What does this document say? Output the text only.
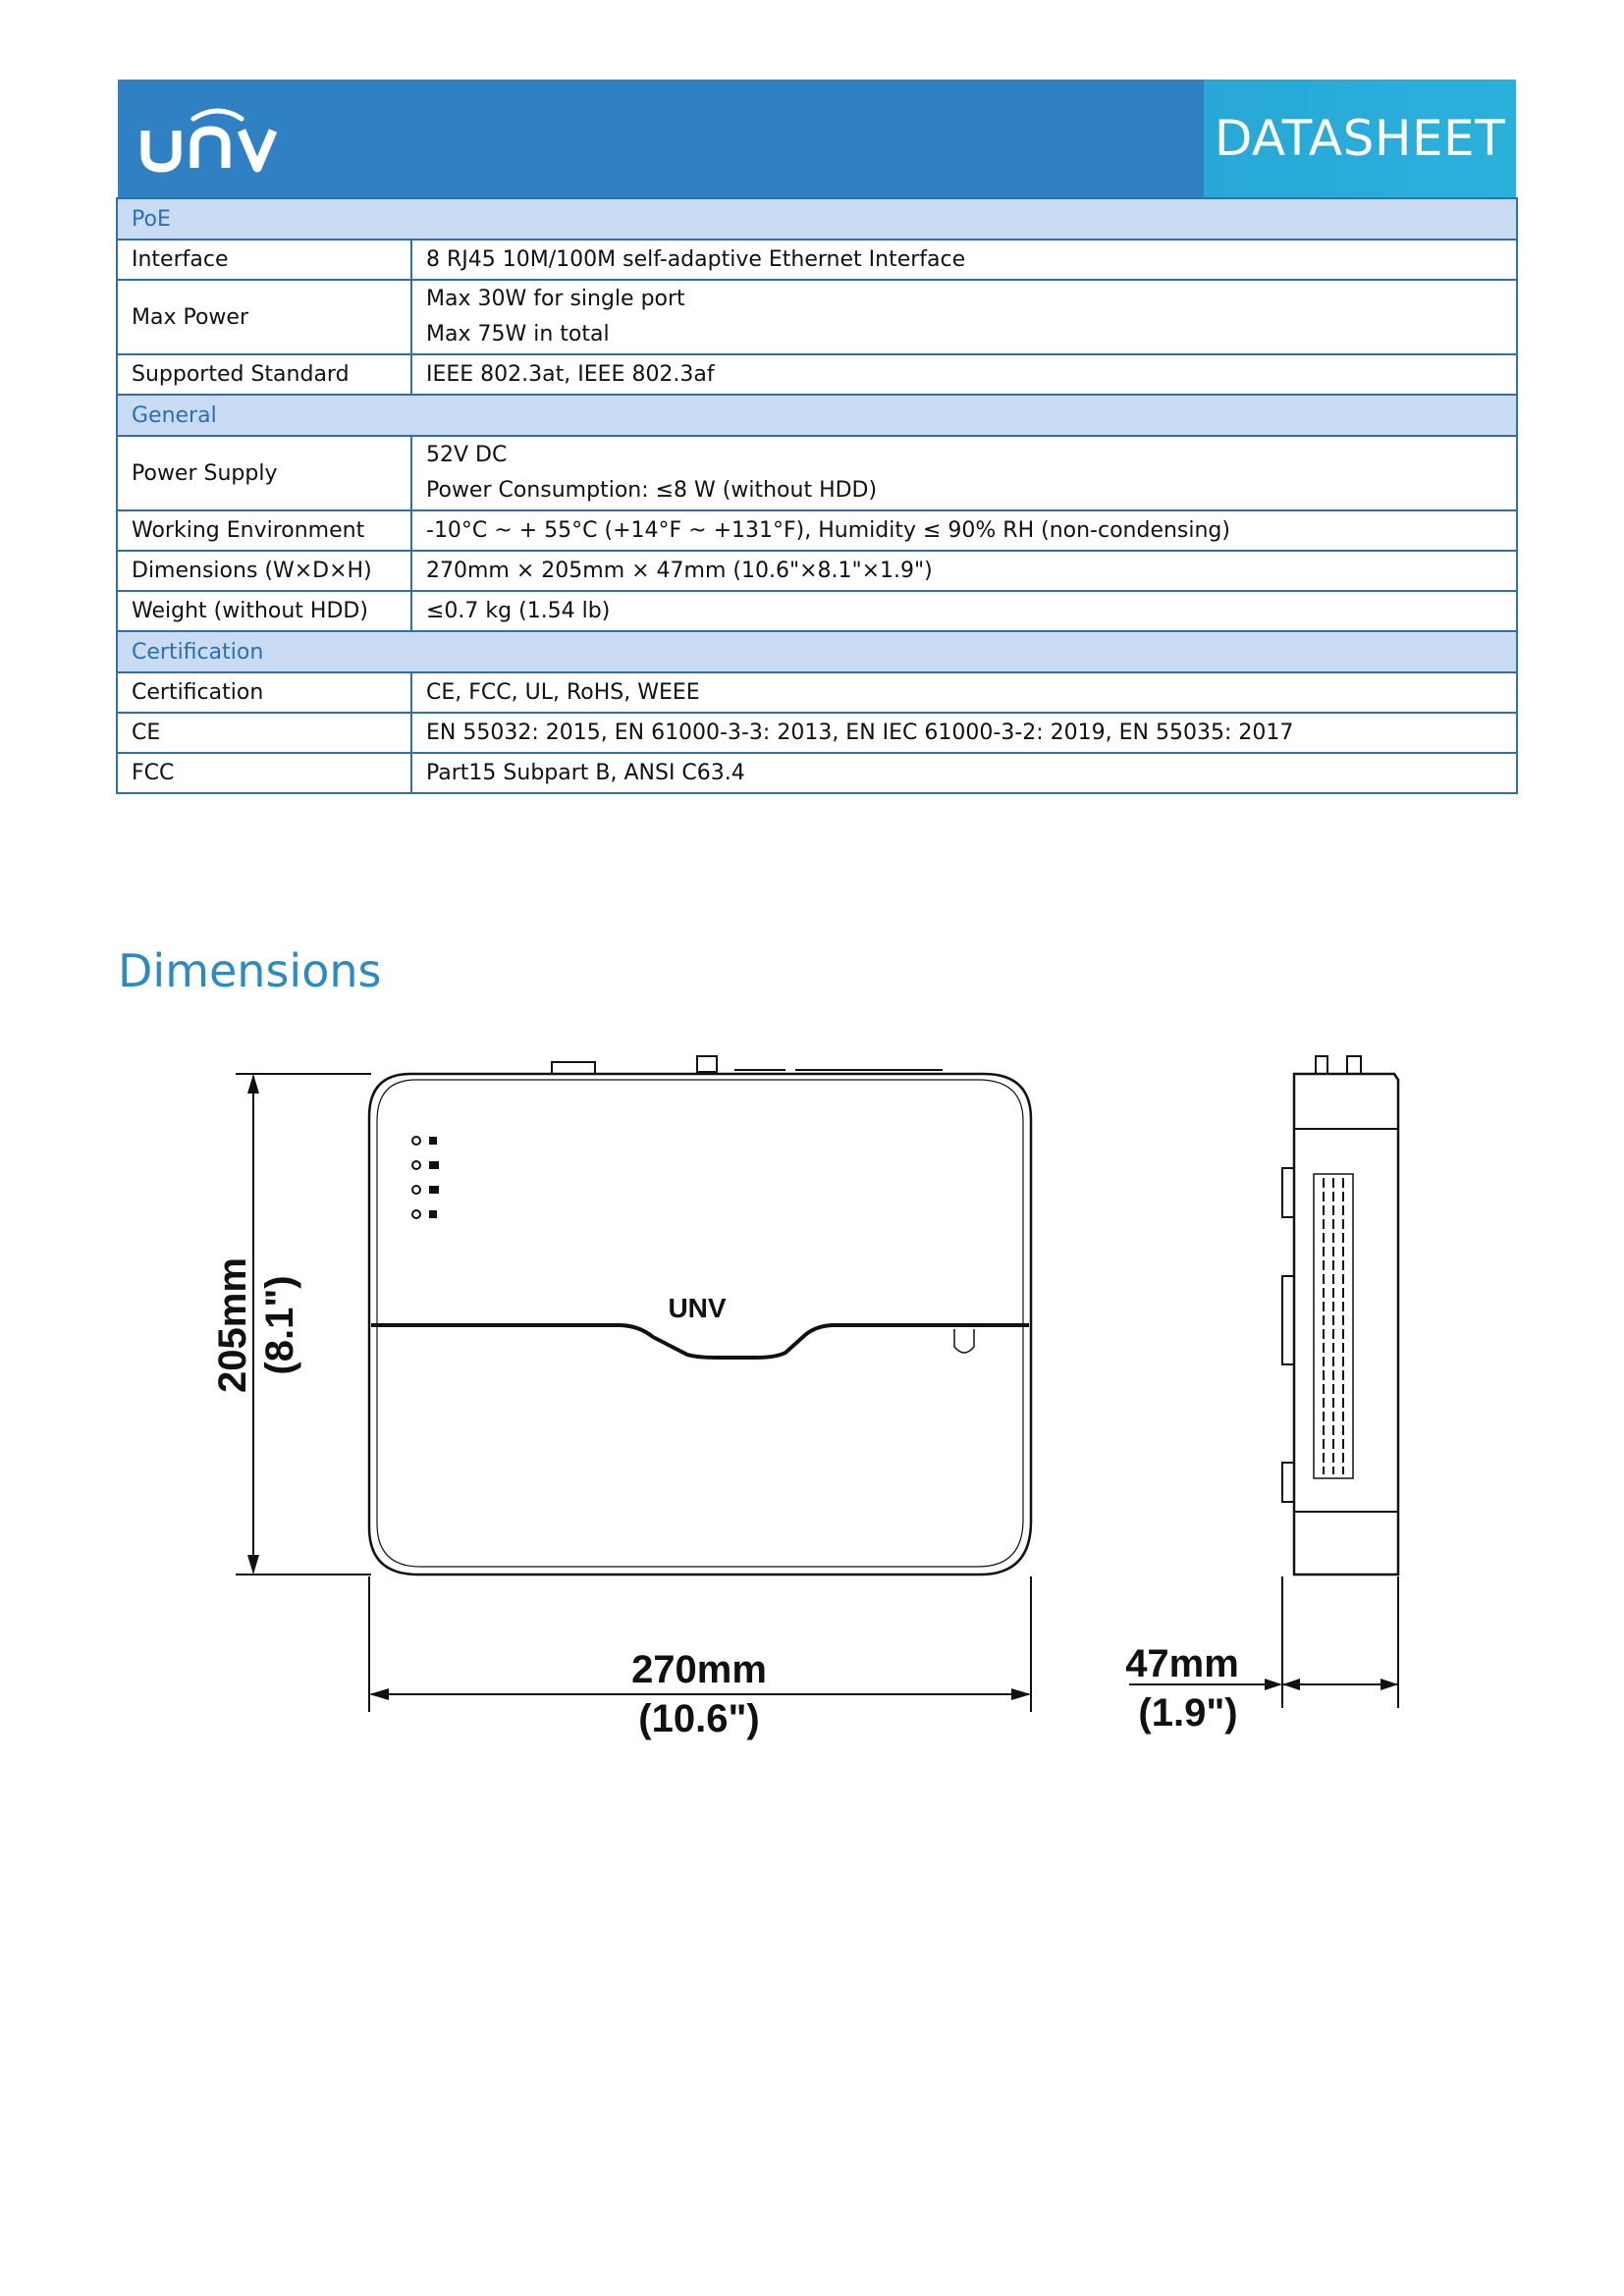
DATASHEET
PoE	
Interface	8 RJ45 10M/100M self-adaptive Ethernet Interface
Max Power	Max 30W for single port
Max 75W in total

Supported Standard	IEEE 802.3at, IEEE 802.3af
General	
Power Supply	52V DC
Power Consumption: ≤8 W (without HDD)

Working Environment	-10°C ~ + 55°C (+14°F ~ +131°F), Humidity ≤ 90% RH (non-condensing)
Dimensions (W×D×H)	270mm × 205mm × 47mm (10.6"×8.1"×1.9")
Weight (without HDD)	≤0.7 kg (1.54 lb)
Certification	
Certification	CE, FCC, UL, RoHS, WEEE
CE	EN 55032: 2015, EN 61000-3-3: 2013, EN IEC 61000-3-2: 2019, EN 55035: 2017
FCC	Part15 Subpart B, ANSI C63.4
Dimensions
UNV
205mm (8.1")
270mm
(10.6")
47mm
(1.9")
